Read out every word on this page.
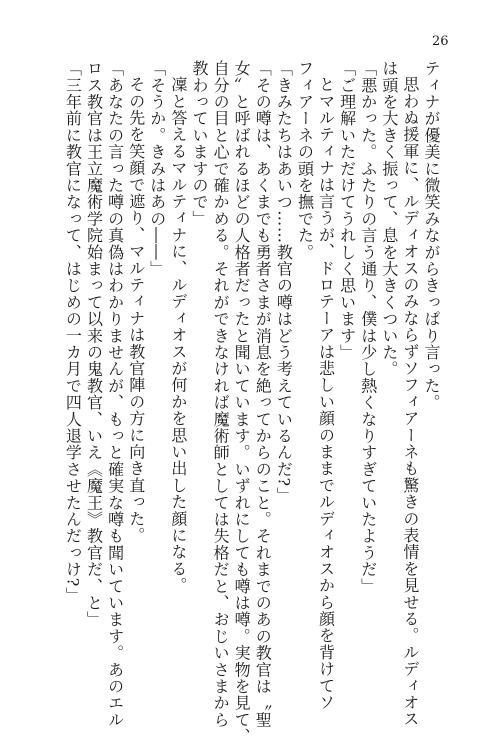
26
ティナが優美に微笑みながらきっぱり言った。
思わぬ援軍に、ルディオスのみならずソフィアーネも驚きの表情を見せる。ルディオス
は頭を大きく振って、息を大きくついた。
「悪かった。ふたりの言う通り、僕は少し熱くなりすぎていたようだ」
「ご理解いただけてうれしく思います」
とマルティナは言うが、ドロテーアは悲しい顔のままでルディオスから顔を背けてソ
フィアーネの頭を撫でた。
「きみたちはあいつ……教官の噂はどう考えているんだ?」
「その噂は、あくまでも勇者さまが消息を絶ってからのこと。それまでのあの教官は〝聖
女〟と呼ばれるほどの人格者だったと聞いています。いずれにしても噂は噂。実物を見て、
自分の目と心で確かめる。それができなければ魔術師としては失格だと、おじいさまから
教わっていますので」
凜と答えるマルティナに、ルディオスが何かを思い出した顔になる。
「そうか。きみはあの――」
その先を笑顔で遮り、マルティナは教官陣の方に向き直った。
「あなたの言った噂の真偽はわかりませんが、もっと確実な噂も聞いています。あのエル
ロス教官は王立魔術学院始まって以来の鬼教官、いえ《魔王》教官だ、と」
「三年前に教官になって、はじめの一カ月で四人退学させたんだっけ?」
